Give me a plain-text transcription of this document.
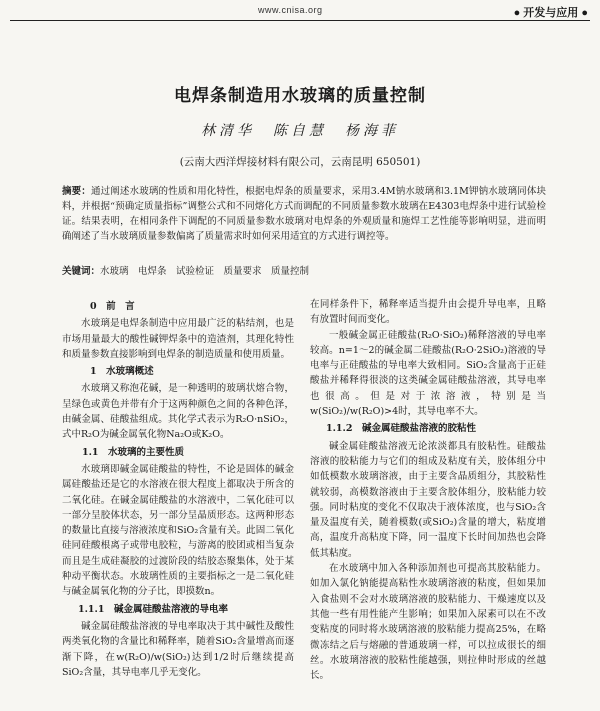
www.cnisa.org	● 开发与应用 ●
电焊条制造用水玻璃的质量控制
林清华　陈自慧　杨海菲
(云南大西洋焊接材料有限公司，云南昆明 650501)

摘要：通过阐述水玻璃的性质和用化特性，根据电焊条的质量要求，采用3.4M钠水玻璃和3.1M钾钠水玻璃同体块料，并根据“预确定质量指标”调整公式和不同熔化方式而调配的不同质量参数水玻璃在E4303电焊条中进行试验检证。结果表明，在相同条件下调配的不同质量参数水玻璃对电焊条的外观质量和施焊工艺性能等影响明显，进而明确阐述了当水玻璃质量参数偏离了质量需求时如何采用适宜的方式进行调控等。

关键词：水玻璃　电焊条　试验检证　质量要求　质量控制

0　前　言

水玻璃是电焊条制造中应用最广泛的粘结剂，也是市场用量最大的酸性碱钾焊条中的造渣剂，其理化特性和质量参数直接影响到电焊条的制造质量和使用质量。

1　水玻璃概述

水玻璃又称泡花碱，是一种透明的玻璃状熔合物，呈绿色或黄色并带有介于这两种颜色之间的各种色泽，由碱金属、硅酸盐组成。其化学式表示为R₂O·nSiO₂，式中R₂O为碱金属氧化物Na₂O或K₂O。

1.1　水玻璃的主要性质

水玻璃即碱金属硅酸盐的特性，不论是固体的碱金属硅酸盐还是它的水溶液在很大程度上都取决于所含的二氧化硅。在碱金属硅酸盐的水溶液中，二氧化硅可以一部分呈胶体状态，另一部分呈晶质形态。这两种形态的数量比直接与溶液浓度和SiO₂含量有关。此固二氧化硅同硅酸根离子或带电胶粒，与游离的胶团或相当复杂而且是生成硅凝胶的过渡阶段的结胶态聚集体，处于某种动平衡状态。水玻璃性质的主要指标之一是二氧化硅与碱金属氧化物的分子比，即摸数n。

1.1.1　碱金属硅酸盐溶液的导电率

碱金属硅酸盐溶液的导电率取决于其中碱性及酸性两类氧化物的含量比和稀释率，随着SiO₂含量增高而逐渐下降，在w(R₂O)/w(SiO₂)达到1/2时后继续提高SiO₂含量，其导电率几乎无变化。

在同样条件下，稀释率适当提升由会提升导电率，且略有放置时间而变化。

一般碱金属正硅酸盐(R₂O·SiO₂)稀释溶液的导电率较高。n=1～2的碱金属二硅酸盐(R₂O·2SiO₂)溶液的导电率与正硅酸盐的导电率大致相同。SiO₂含量高于正硅酸盐并稀释得很淡的这类碱金属硅酸盐溶液，其导电率也很高。但是对于浓溶液，特别是当w(SiO₂)/w(R₂O)>4时，其导电率不大。

1.1.2　碱金属硅酸盐溶液的胶粘性

碱金属硅酸盐溶液无论浓淡都具有胶粘性。硅酸盐溶液的胶粘能力与它们的组成及粘度有关，胶体组分中如低模数水玻璃溶液，由于主要含晶质组分，其胶粘性就较弱，高模数溶液由于主要含胶体组分，胶粘能力较强。同时粘度的变化不仅取决于液体浓度，也与SiO₂含量及温度有关，随着模数(或SiO₂)含量的增大，粘度增高，温度升高粘度下降，同一温度下长时间加热也会降低其粘度。

在水玻璃中加入各种添加剂也可提高其胶粘能力。如加入氯化钠能提高粘性水玻璃溶液的粘度，但如果加入食盐则不会对水玻璃溶液的胶粘能力、干燥速度以及其他一些有用性能产生影响；如果加入尿素可以在不改变粘度的同时将水玻璃溶液的胶粘能力提高25%，在略微冻结之后与熔融的普通玻璃一样，可以拉成很长的细丝。水玻璃溶液的胶粘性能越强，则拉伸时形成的丝越长。
